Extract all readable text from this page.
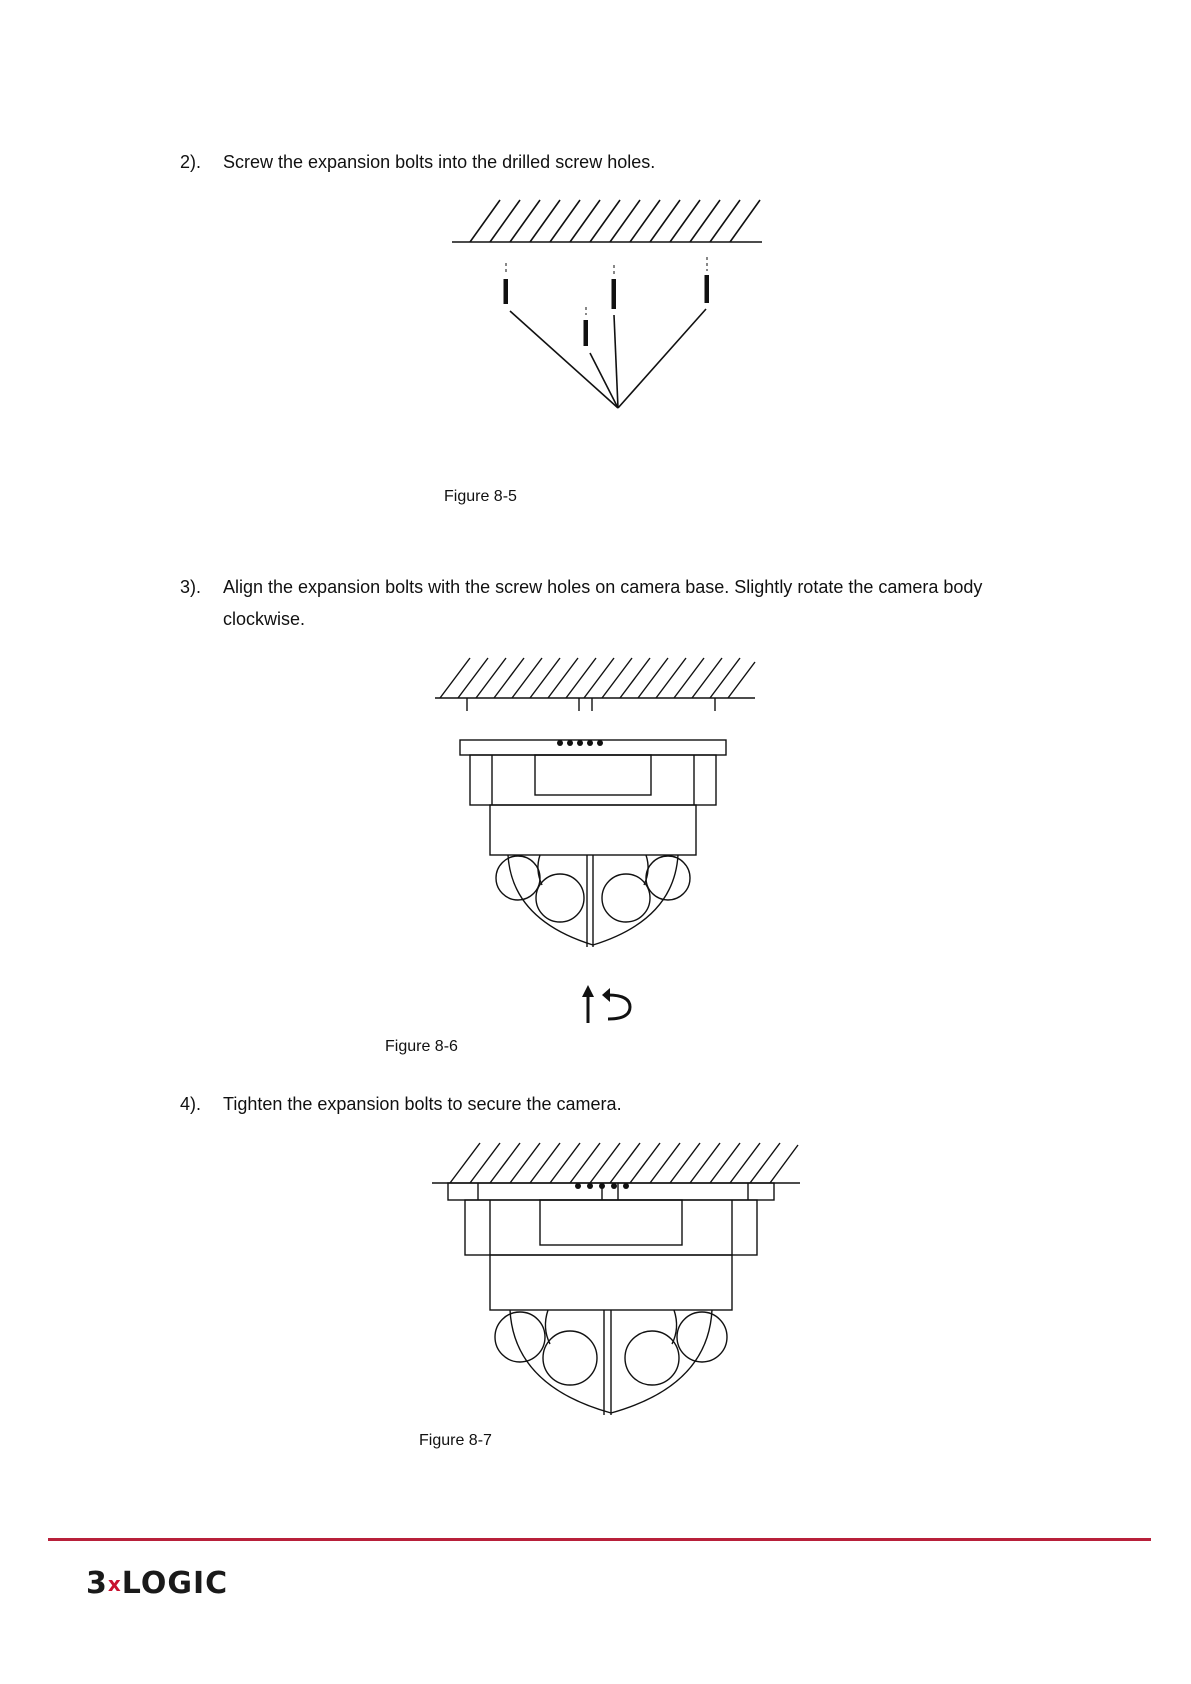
2). Screw the expansion bolts into the drilled screw holes.
Figure 8-5
3). Align the expansion bolts with the screw holes on camera base. Slightly rotate the camera body clockwise.
Figure 8-6
4). Tighten the expansion bolts to secure the camera.
Figure 8-7
3xLOGIC
